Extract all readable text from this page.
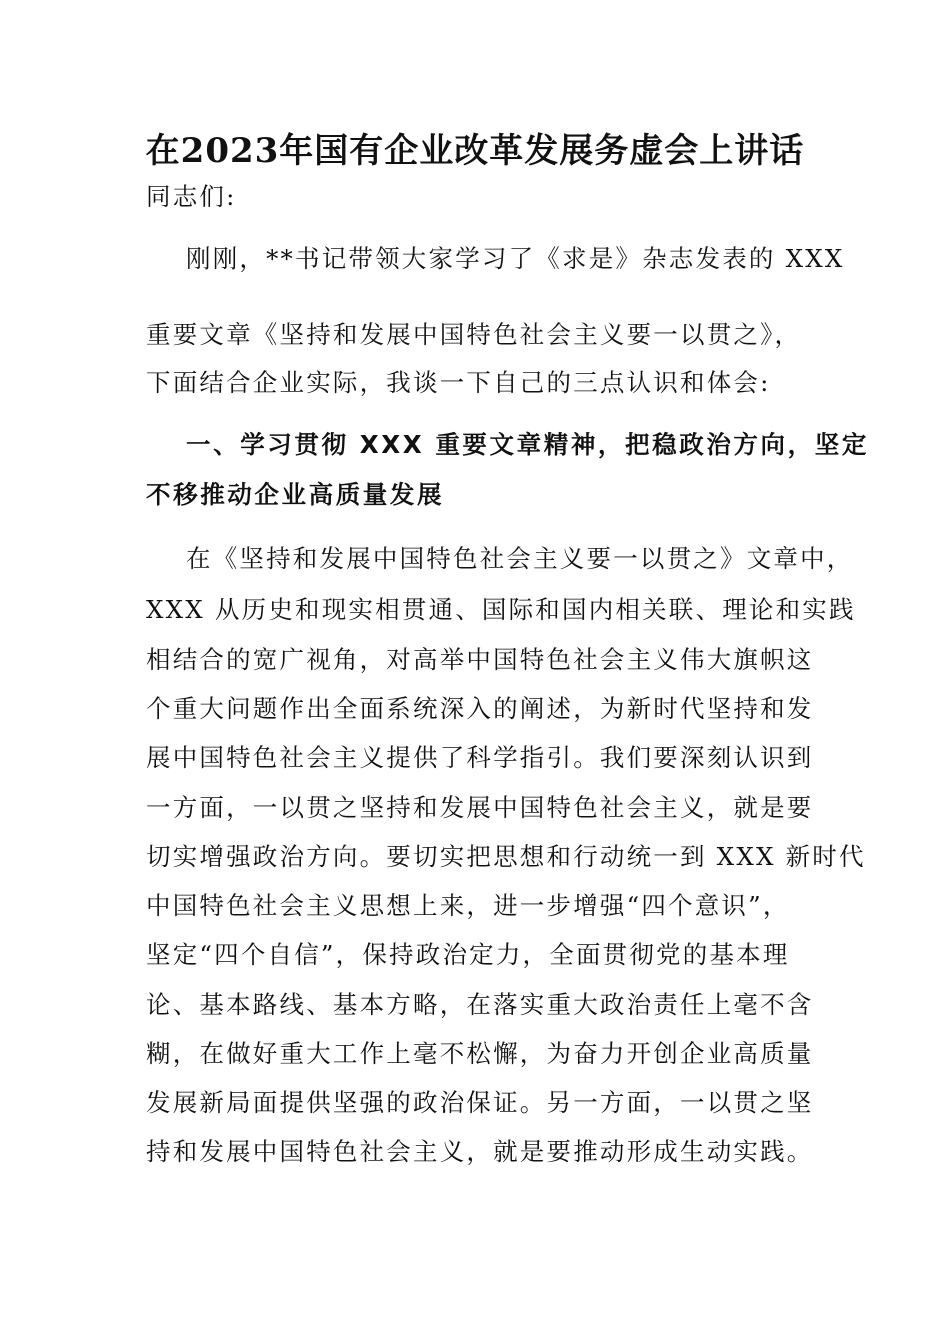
在2023年国有企业改革发展务虚会上讲话
同志们:
刚刚，**书记带领大家学习了《求是》杂志发表的 XXX
重要文章《坚持和发展中国特色社会主义要一以贯之》，
下面结合企业实际，我谈一下自己的三点认识和体会:
一、学习贯彻 XXX 重要文章精神，把稳政治方向，坚定
不移推动企业高质量发展
在《坚持和发展中国特色社会主义要一以贯之》文章中，
XXX 从历史和现实相贯通、国际和国内相关联、理论和实践
相结合的宽广视角，对高举中国特色社会主义伟大旗帜这
个重大问题作出全面系统深入的阐述，为新时代坚持和发
展中国特色社会主义提供了科学指引。我们要深刻认识到
一方面，一以贯之坚持和发展中国特色社会主义，就是要
切实增强政治方向。要切实把思想和行动统一到 XXX 新时代
中国特色社会主义思想上来，进一步增强“四个意识”，
坚定“四个自信”，保持政治定力，全面贯彻党的基本理
论、基本路线、基本方略，在落实重大政治责任上毫不含
糊，在做好重大工作上毫不松懈，为奋力开创企业高质量
发展新局面提供坚强的政治保证。另一方面，一以贯之坚
持和发展中国特色社会主义，就是要推动形成生动实践。
